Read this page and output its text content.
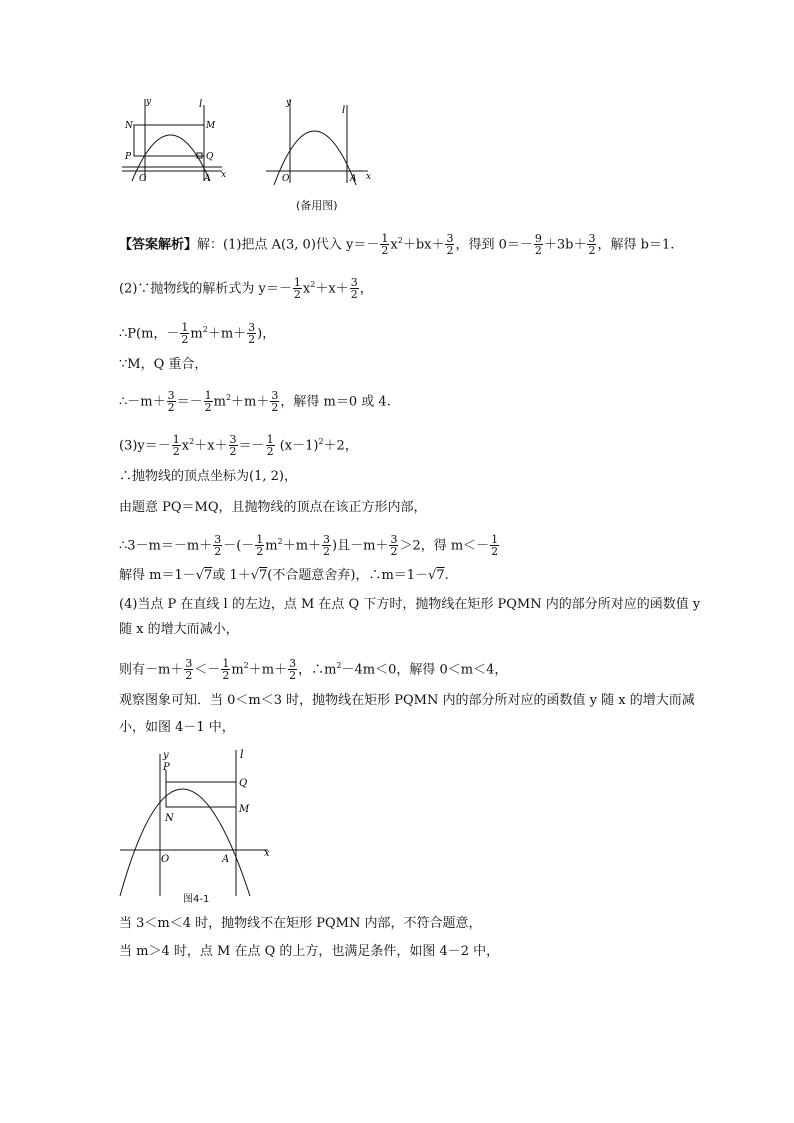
y	l
N	M
P	Q
O	A x
y
l
O	A x
(备用图)
【答案解析】解：(1)把点 A(3, 0)代入 $y=- \frac{1}{2} x^2+bx+ \frac{3}{2}$ ，得到 $0=- \frac{9}{2} +3b+ \frac{3}{2}$ ，解得 b＝1.
(2)∵抛物线的解析式为 $y=- \frac{1}{2} x^2+x+ \frac{3}{2}$ ，
∴P(m，－ $\frac{1}{2} m^2+m+ \frac{3}{2}$ )，
∵M，Q 重合，
∴－m＋ $\frac{3}{2} =- \frac{1}{2} m^2+m+ \frac{3}{2}$ ，解得 m＝0 或 4.
$(3)y=- \frac{1}{2} x^2+x+ \frac{3}{2} =- \frac{1}{2} (x-1)^2+2$，
∴抛物线的顶点坐标为(1, 2)，
由题意 PQ＝MQ，且抛物线的顶点在该正方形内部，
∴3－m＝－m＋ $\frac{3}{2}$ －(－ $\frac{1}{2} m^2+m+ \frac{3}{2}$ )且$-m+ \frac{3}{2} >2$，得 $m<- \frac{1}{2}$
解得 m＝1－√7或 1＋√7(不合题意舍弃)，∴m＝1－√7.
(4)当点 P 在直线 l 的左边，点 M 在点 Q 下方时，抛物线在矩形 PQMN 内的部分所对应的函数值 y
随 x 的增大而减小，
则有$-m+ \frac{3}{2} <- \frac{1}{2} m^2+m+ \frac{3}{2}$ ，$\therefore m^2-4m<0$，解得 0＜m＜4，
观察图象可知．当 0＜m＜3 时，抛物线在矩形 PQMN 内的部分所对应的函数值 y 随 x 的增大而减
小，如图 4－1 中，
y	l
P
Q
M
N
O	A
x
图4-1
当 3＜m＜4 时，抛物线不在矩形 PQMN 内部，不符合题意，
当 m＞4 时，点 M 在点 Q 的上方，也满足条件，如图 4－2 中，
